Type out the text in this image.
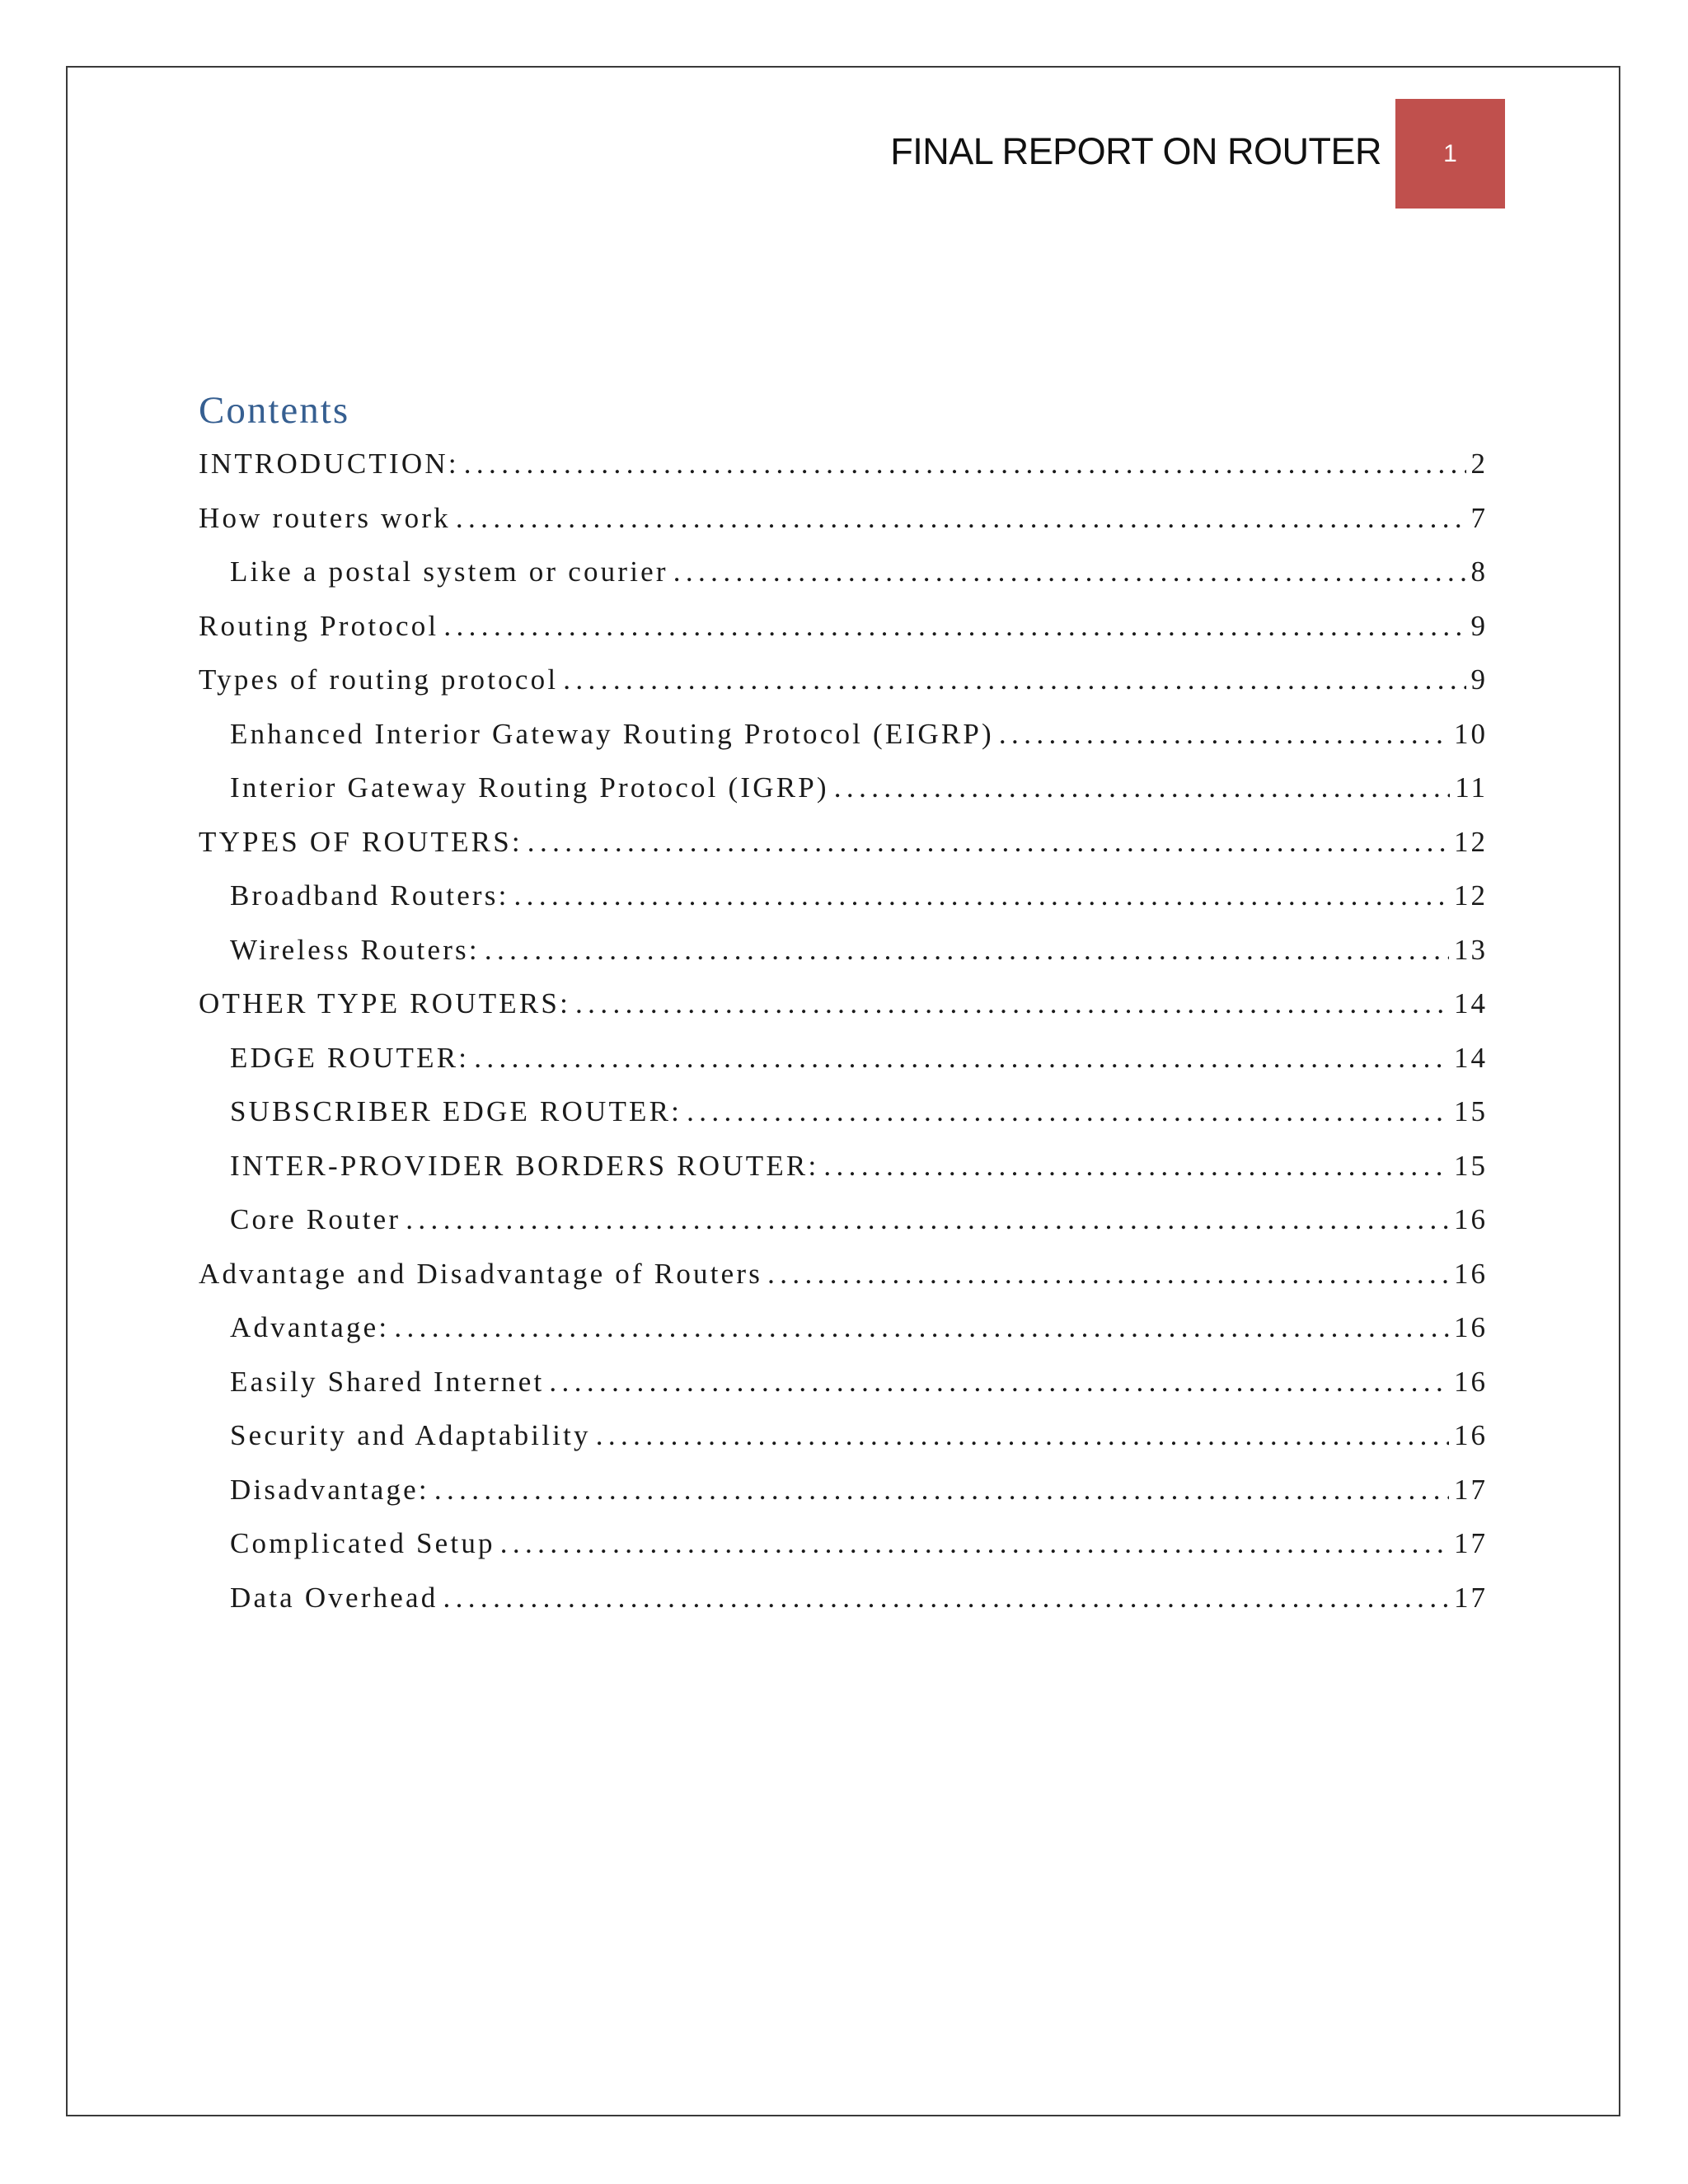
FINAL REPORT ON ROUTER	1
Contents
INTRODUCTION: .....	2
How routers work .....	7
Like a postal system or courier .....	8
Routing Protocol .....	9
Types of routing protocol .....	9
Enhanced Interior Gateway Routing Protocol (EIGRP) .....	10
Interior Gateway Routing Protocol (IGRP) .....	11
TYPES OF ROUTERS: .....	12
Broadband Routers: .....	12
Wireless Routers: .....	13
OTHER TYPE ROUTERS: .....	14
EDGE ROUTER: .....	14
SUBSCRIBER EDGE ROUTER: .....	15
INTER-PROVIDER BORDERS ROUTER: .....	15
Core Router .....	16
Advantage and Disadvantage of Routers .....	16
Advantage: .....	16
Easily Shared Internet .....	16
Security and Adaptability .....	16
Disadvantage: .....	17
Complicated Setup .....	17
Data Overhead .....	17
